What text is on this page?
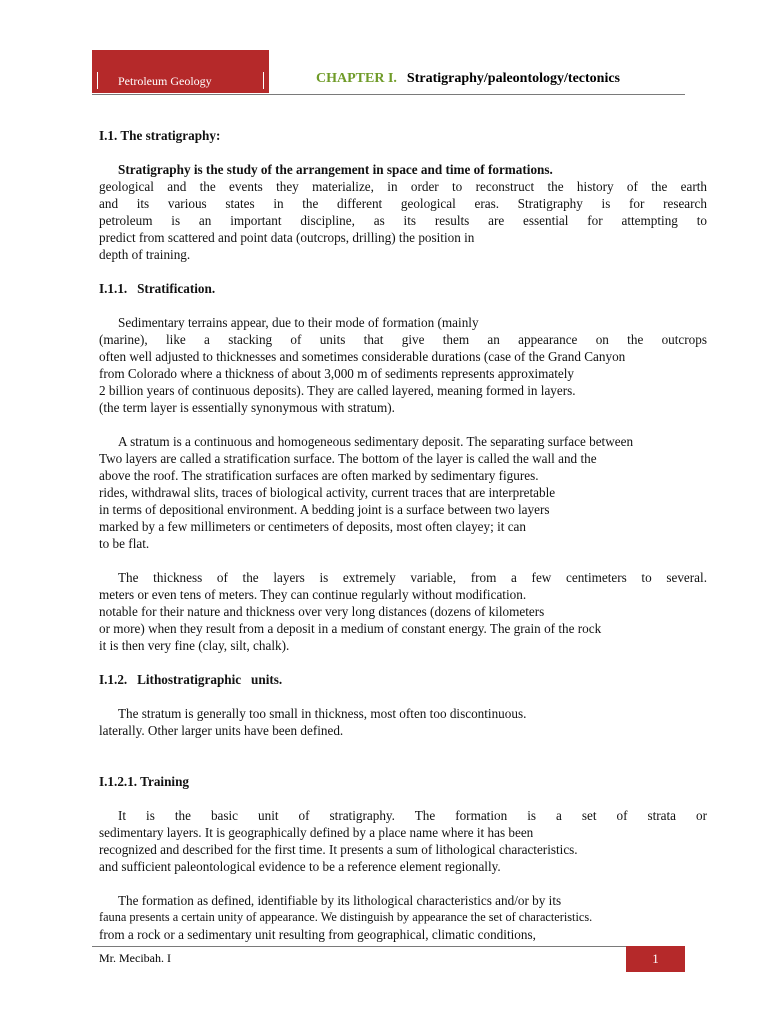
Petroleum Geology	CHAPTER I. Stratigraphy/paleontology/tectonics
I.1. The stratigraphy:

Stratigraphy is the study of the arrangement in space and time of formations.
geological and the events they materialize, in order to reconstruct the history of the earth
and its various states in the different geological eras. Stratigraphy is for research
petroleum is an important discipline, as its results are essential for attempting to
predict from scattered and point data (outcrops, drilling) the position in
depth of training.

I.1.1.   Stratification.

Sedimentary terrains appear, due to their mode of formation (mainly
(marine), like a stacking of units that give them an appearance on the outcrops
often well adjusted to thicknesses and sometimes considerable durations (case of the Grand Canyon
from Colorado where a thickness of about 3,000 m of sediments represents approximately
2 billion years of continuous deposits). They are called layered, meaning formed in layers.
(the term layer is essentially synonymous with stratum).

A stratum is a continuous and homogeneous sedimentary deposit. The separating surface between
Two layers are called a stratification surface. The bottom of the layer is called the wall and the
above the roof. The stratification surfaces are often marked by sedimentary figures.
rides, withdrawal slits, traces of biological activity, current traces that are interpretable
in terms of depositional environment. A bedding joint is a surface between two layers
marked by a few millimeters or centimeters of deposits, most often clayey; it can
to be flat.

The thickness of the layers is extremely variable, from a few centimeters to several.
meters or even tens of meters. They can continue regularly without modification.
notable for their nature and thickness over very long distances (dozens of kilometers
or more) when they result from a deposit in a medium of constant energy. The grain of the rock
it is then very fine (clay, silt, chalk).

I.1.2.   Lithostratigraphic   units.

The stratum is generally too small in thickness, most often too discontinuous.
laterally. Other larger units have been defined.

I.1.2.1. Training

It is the basic unit of stratigraphy. The formation is a set of strata or
sedimentary layers. It is geographically defined by a place name where it has been
recognized and described for the first time. It presents a sum of lithological characteristics.
and sufficient paleontological evidence to be a reference element regionally.

The formation as defined, identifiable by its lithological characteristics and/or by its
fauna presents a certain unity of appearance. We distinguish by appearance the set of characteristics.
from a rock or a sedimentary unit resulting from geographical, climatic conditions,

Mr. Mecibah. I	1
